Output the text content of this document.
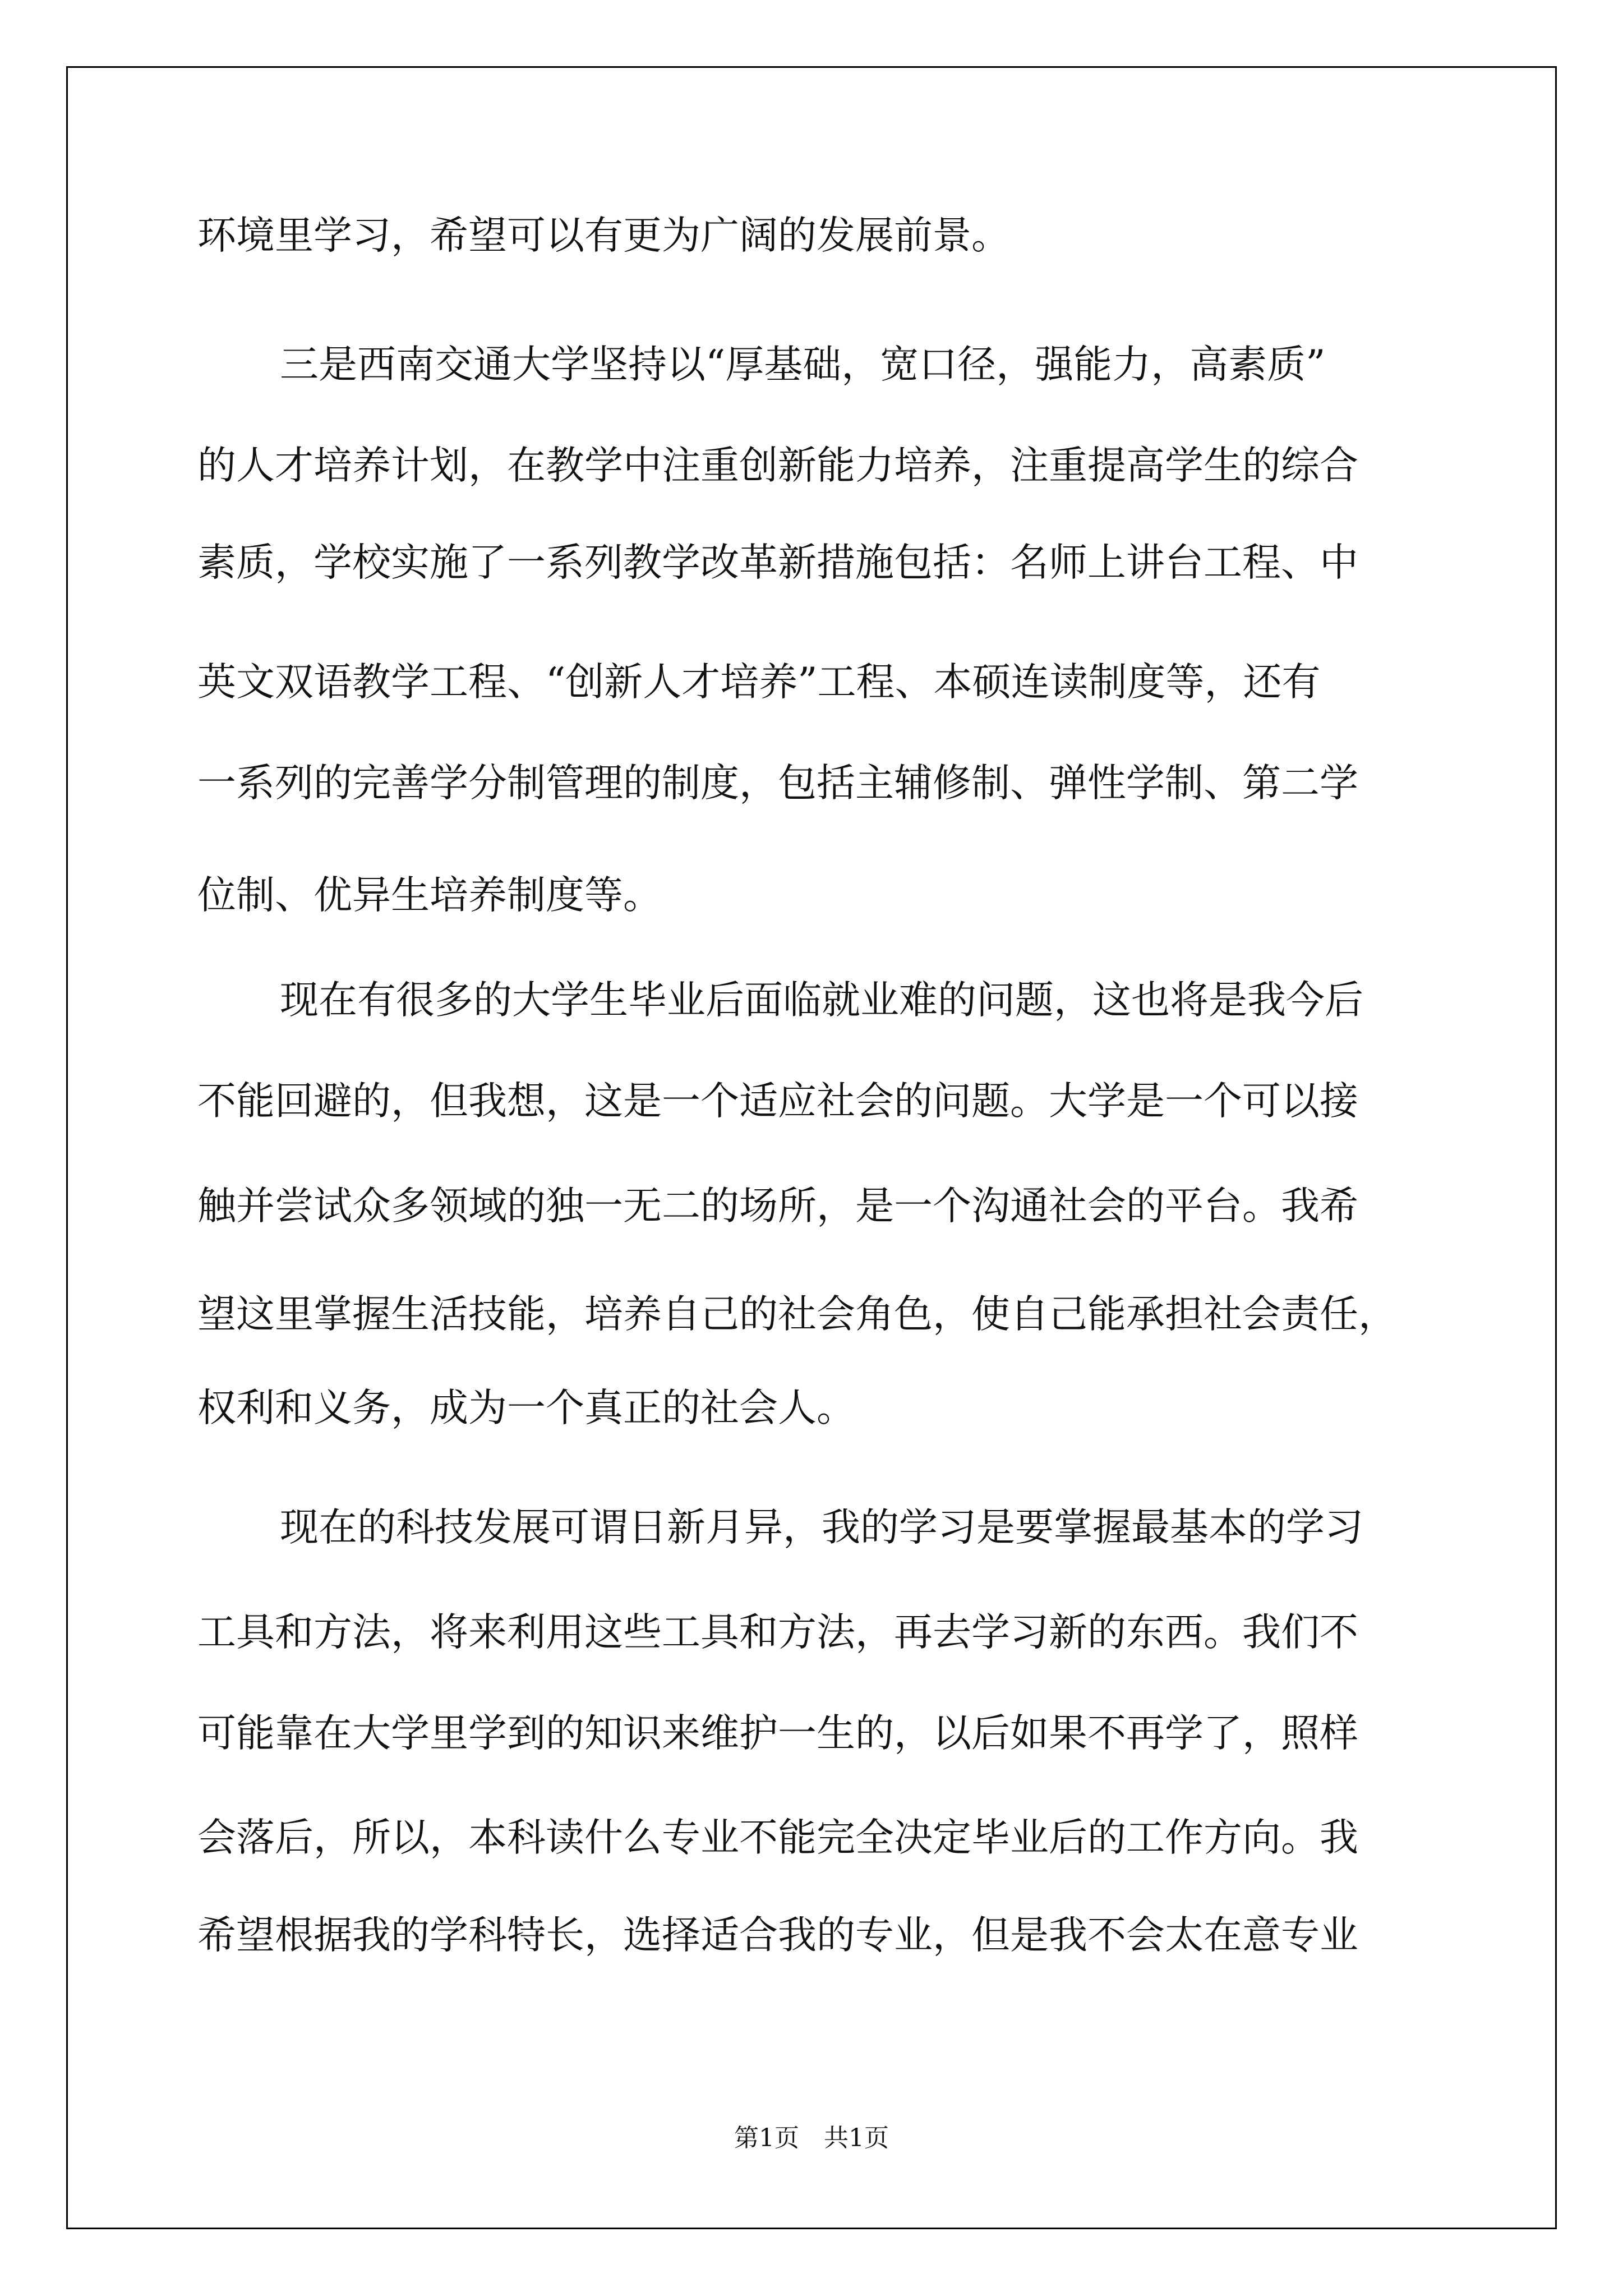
环境里学习，希望可以有更为广阔的发展前景。

三是西南交通大学坚持以“厚基础，宽口径，强能力，高素质”

的人才培养计划，在教学中注重创新能力培养，注重提高学生的综合

素质，学校实施了一系列教学改革新措施包括：名师上讲台工程、中

英文双语教学工程、“创新人才培养”工程、本硕连读制度等，还有

一系列的完善学分制管理的制度，包括主辅修制、弹性学制、第二学

位制、优异生培养制度等。

现在有很多的大学生毕业后面临就业难的问题，这也将是我今后

不能回避的，但我想，这是一个适应社会的问题。大学是一个可以接

触并尝试众多领域的独一无二的场所，是一个沟通社会的平台。我希

望这里掌握生活技能，培养自己的社会角色，使自己能承担社会责任，

权利和义务，成为一个真正的社会人。

现在的科技发展可谓日新月异，我的学习是要掌握最基本的学习

工具和方法，将来利用这些工具和方法，再去学习新的东西。我们不

可能靠在大学里学到的知识来维护一生的，以后如果不再学了，照样

会落后，所以，本科读什么专业不能完全决定毕业后的工作方向。我

希望根据我的学科特长，选择适合我的专业，但是我不会太在意专业

第1页　共1页
